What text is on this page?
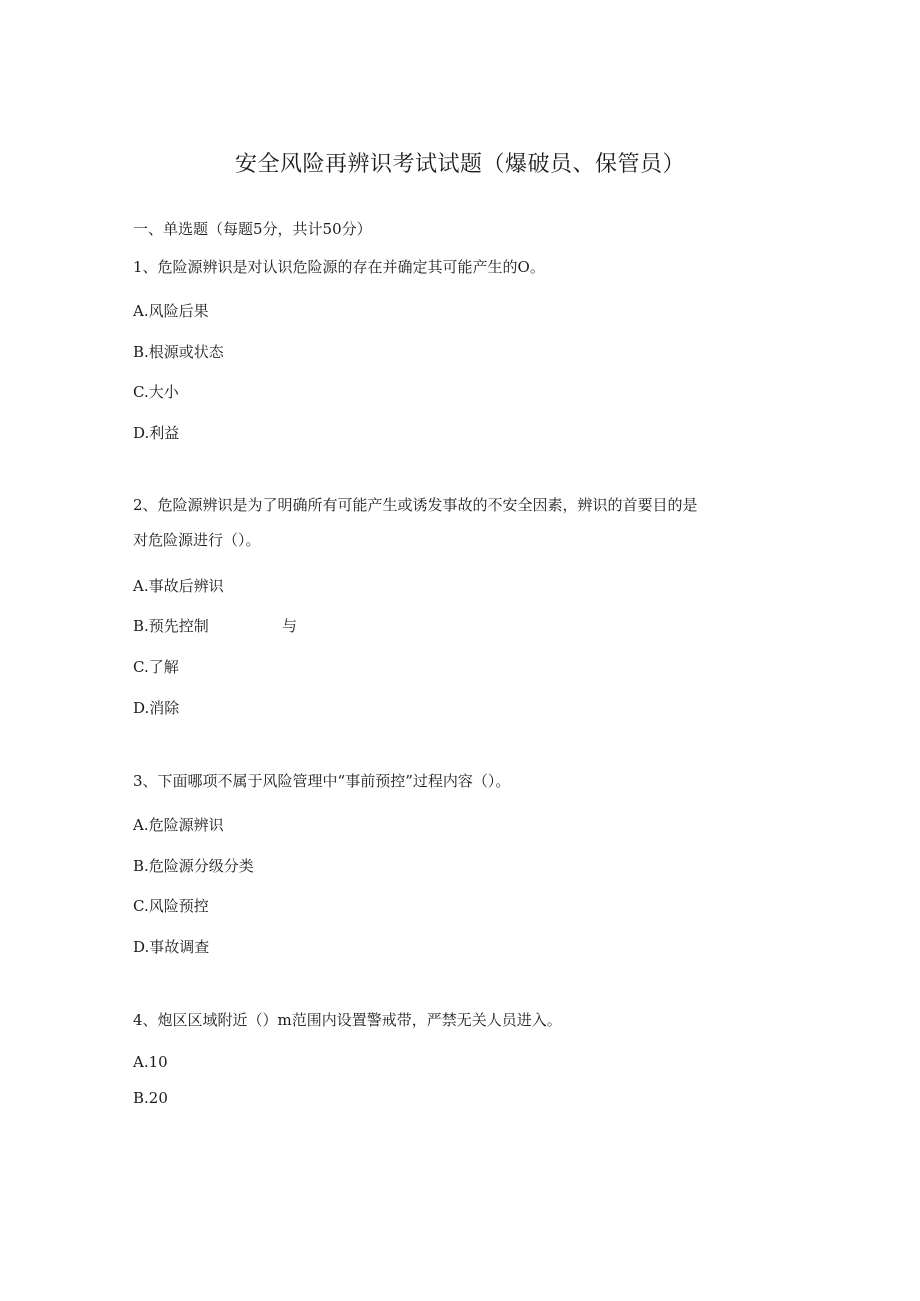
安全风险再辨识考试试题（爆破员、保管员）
一、单选题（每题5分，共计50分）
1、危险源辨识是对认识危险源的存在并确定其可能产生的O。
A.风险后果
B.根源或状态
C.大小
D.利益
2、危险源辨识是为了明确所有可能产生或诱发事故的不安全因素，辨识的首要目的是
对危险源进行（）。
A.事故后辨识
B.预先控制	与
C.了解
D.消除
3、下面哪项不属于风险管理中“事前预控”过程内容（）。
A.危险源辨识
B.危险源分级分类
C.风险预控
D.事故调查
4、炮区区域附近（）m范围内设置警戒带，严禁无关人员进入。
A.10
B.20
